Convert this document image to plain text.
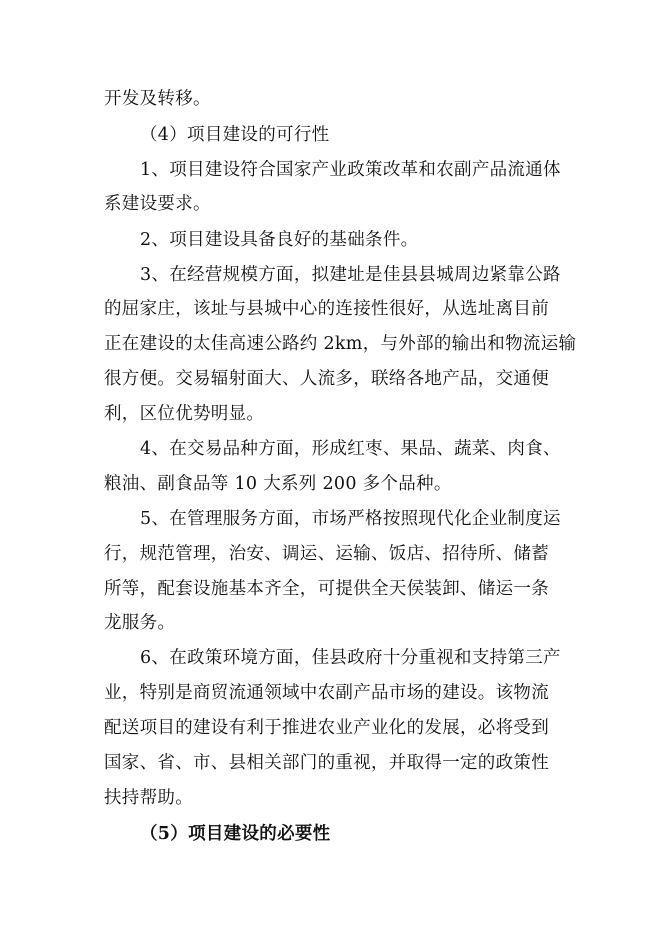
开发及转移。
（4）项目建设的可行性
1、项目建设符合国家产业政策改革和农副产品流通体
系建设要求。
2、项目建设具备良好的基础条件。
3、在经营规模方面，拟建址是佳县县城周边紧靠公路
的屈家庄，该址与县城中心的连接性很好，从选址离目前
正在建设的太佳高速公路约 2km，与外部的输出和物流运输
很方便。交易辐射面大、人流多，联络各地产品，交通便
利，区位优势明显。
4、在交易品种方面，形成红枣、果品、蔬菜、肉食、
粮油、副食品等 10 大系列 200 多个品种。
5、在管理服务方面，市场严格按照现代化企业制度运
行，规范管理，治安、调运、运输、饭店、招待所、储蓄
所等，配套设施基本齐全，可提供全天侯装卸、储运一条
龙服务。
6、在政策环境方面，佳县政府十分重视和支持第三产
业，特别是商贸流通领域中农副产品市场的建设。该物流
配送项目的建设有利于推进农业产业化的发展，必将受到
国家、省、市、县相关部门的重视，并取得一定的政策性
扶持帮助。
（5）项目建设的必要性
